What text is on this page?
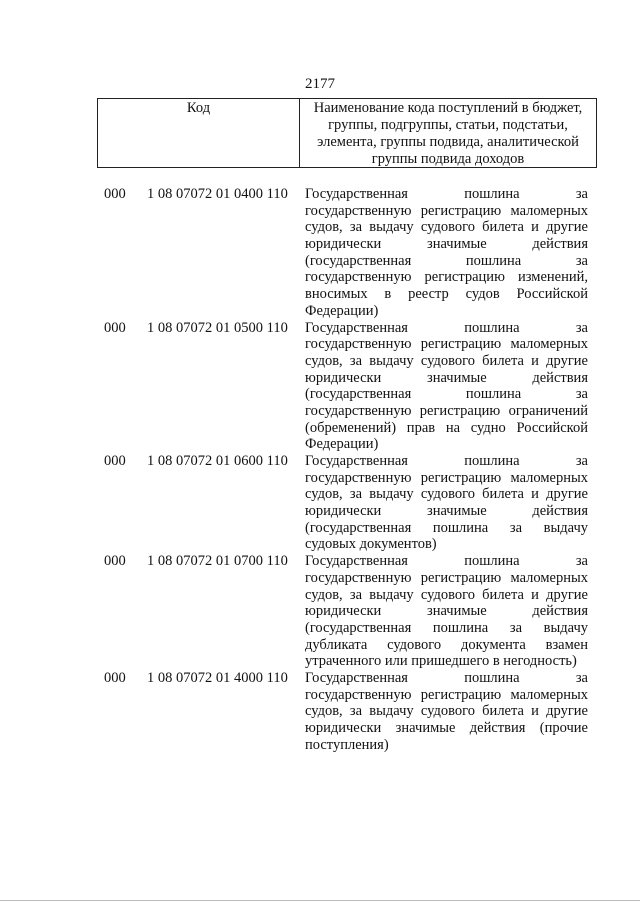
2177
Код	Наименование кода поступлений в бюджет,
группы, подгруппы, статьи, подстатьи,
элемента, группы подвида, аналитической
группы подвида доходов
000 1 08 07072 01 0400 110 Государственная пошлина за
государственную регистрацию маломерных
судов, за выдачу судового билета и другие
юридически значимые действия
(государственная пошлина за
государственную регистрацию изменений,
вносимых в реестр судов Российской
Федерации)
000 1 08 07072 01 0500 110 Государственная пошлина за
государственную регистрацию маломерных
судов, за выдачу судового билета и другие
юридически значимые действия
(государственная пошлина за
государственную регистрацию ограничений
(обременений) прав на судно Российской
Федерации)
000 1 08 07072 01 0600 110 Государственная пошлина за
государственную регистрацию маломерных
судов, за выдачу судового билета и другие
юридически значимые действия
(государственная пошлина за выдачу
судовых документов)
000 1 08 07072 01 0700 110 Государственная пошлина за
государственную регистрацию маломерных
судов, за выдачу судового билета и другие
юридически значимые действия
(государственная пошлина за выдачу
дубликата судового документа взамен
утраченного или пришедшего в негодность)
000 1 08 07072 01 4000 110 Государственная пошлина за
государственную регистрацию маломерных
судов, за выдачу судового билета и другие
юридически значимые действия (прочие
поступления)
